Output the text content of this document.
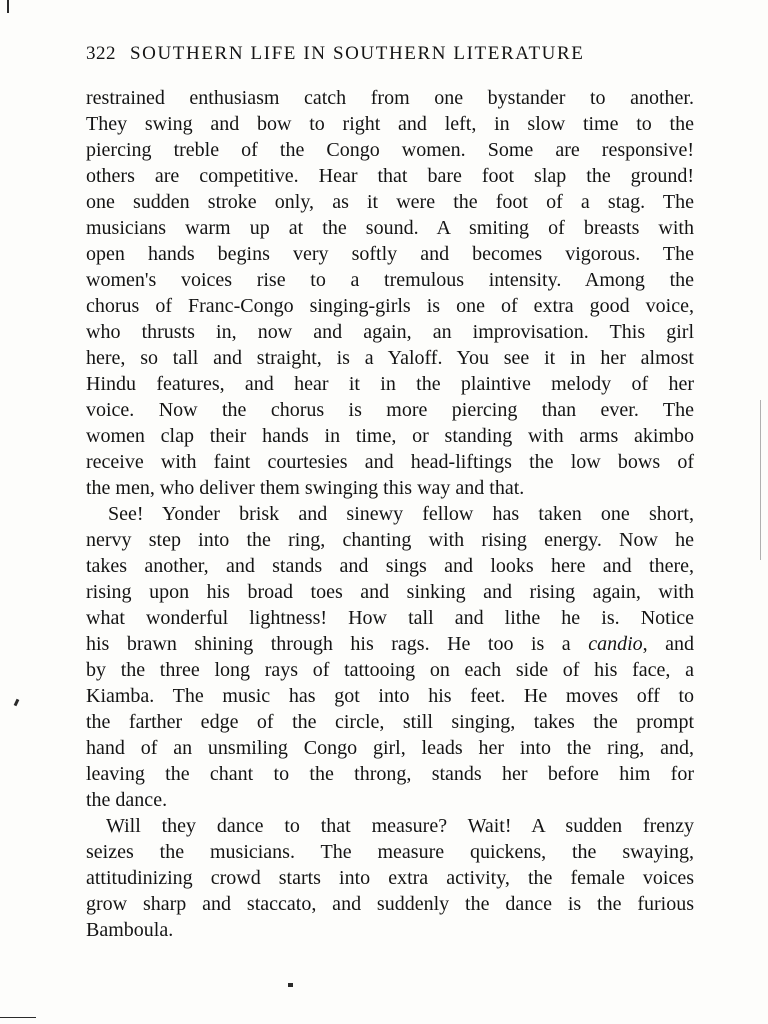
322 SOUTHERN LIFE IN SOUTHERN LITERATURE
restrained enthusiasm catch from one bystander to another.
They swing and bow to right and left, in slow time to the
piercing treble of the Congo women. Some are responsive!
others are competitive. Hear that bare foot slap the ground!
one sudden stroke only, as it were the foot of a stag. The
musicians warm up at the sound. A smiting of breasts with
open hands begins very softly and becomes vigorous. The
women's voices rise to a tremulous intensity. Among the
chorus of Franc-Congo singing-girls is one of extra good voice,
who thrusts in, now and again, an improvisation. This girl
here, so tall and straight, is a Yaloff. You see it in her almost
Hindu features, and hear it in the plaintive melody of her
voice. Now the chorus is more piercing than ever. The
women clap their hands in time, or standing with arms akimbo
receive with faint courtesies and head-liftings the low bows of
the men, who deliver them swinging this way and that.
See! Yonder brisk and sinewy fellow has taken one short,
nervy step into the ring, chanting with rising energy. Now he
takes another, and stands and sings and looks here and there,
rising upon his broad toes and sinking and rising again, with
what wonderful lightness! How tall and lithe he is. Notice
his brawn shining through his rags. He too is a candio, and
by the three long rays of tattooing on each side of his face, a
Kiamba. The music has got into his feet. He moves off to
the farther edge of the circle, still singing, takes the prompt
hand of an unsmiling Congo girl, leads her into the ring, and,
leaving the chant to the throng, stands her before him for
the dance.
Will they dance to that measure? Wait! A sudden frenzy
seizes the musicians. The measure quickens, the swaying,
attitudinizing crowd starts into extra activity, the female voices
grow sharp and staccato, and suddenly the dance is the furious
Bamboula.
